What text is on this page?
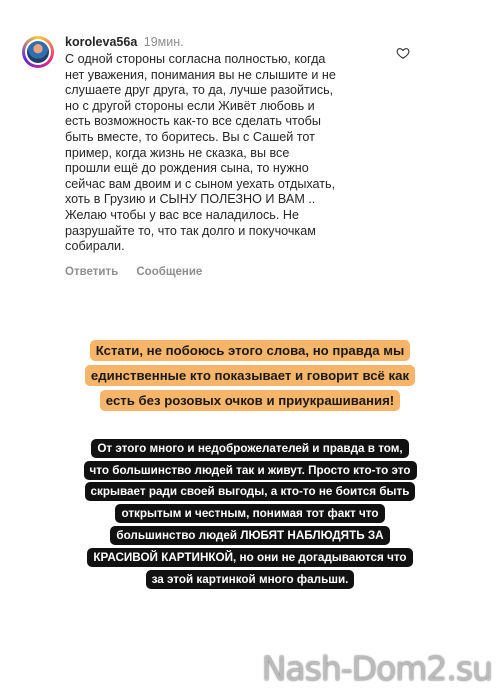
koroleva56a 19мин.
С одной стороны согласна полностью, когда
нет уважения, понимания вы не слышите и не
слушаете друг друга, то да, лучше разойтись,
но с другой стороны если Живёт любовь и
есть возможность как-то все сделать чтобы
быть вместе, то боритесь. Вы с Сашей тот
пример, когда жизнь не сказка, вы все
прошли ещё до рождения сына, то нужно
сейчас вам двоим и с сыном уехать отдыхать,
хоть в Грузию и СЫНУ ПОЛЕЗНО И ВАМ ..
Желаю чтобы у вас все наладилось. Не
разрушайте то, что так долго и покучочкам
собирали.
Ответить Сообщение

Кстати, не побоюсь этого слова, но правда мы
единственные кто показывает и говорит всё как
есть без розовых очков и приукрашивания!

От этого много и недоброжелателей и правда в том,
что большинство людей так и живут. Просто кто-то это
скрывает ради своей выгоды, а кто-то не боится быть
открытым и честным, понимая тот факт что
большинство людей ЛЮБЯТ НАБЛЮДЯТЬ ЗА
КРАСИВОЙ КАРТИНКОЙ, но они не догадываются что
за этой картинкой много фальши.

Nash-Dom2.su
